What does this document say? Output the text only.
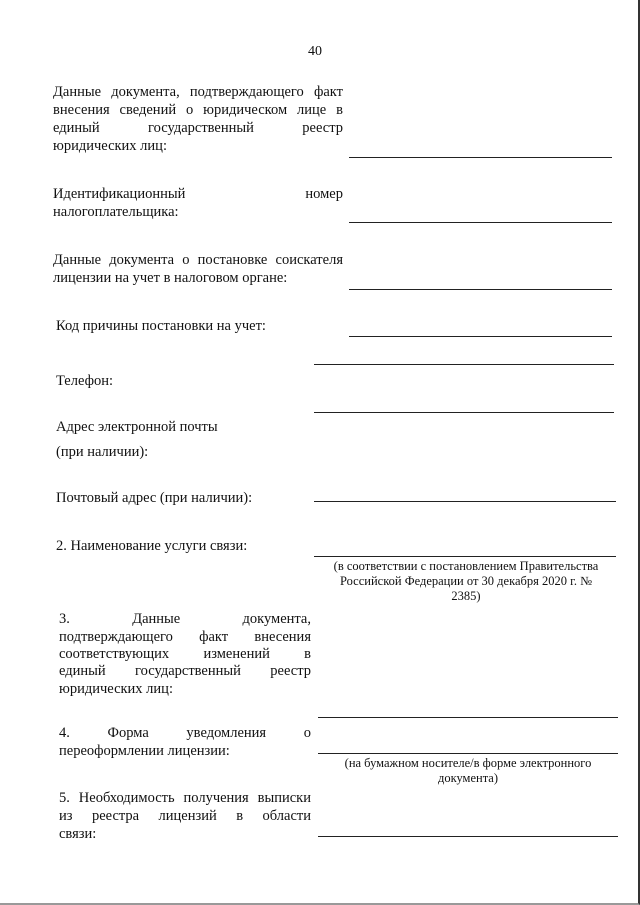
40
Данные документа, подтверждающего факт
внесения сведений о юридическом лице в
единый государственный реестр
юридических лиц:
Идентификационный номер
налогоплательщика:
Данные документа о постановке соискателя
лицензии на учет в налоговом органе:
Код причины постановки на учет:
Телефон:
Адрес электронной почты
(при наличии):
Почтовый адрес (при наличии):
2. Наименование услуги связи:
(в соответствии с постановлением Правительства
Российской Федерации от 30 декабря 2020 г. №
2385)
3. Данные документа,
подтверждающего факт внесения
соответствующих изменений в
единый государственный реестр
юридических лиц:
4. Форма уведомления о
переоформлении лицензии:
(на бумажном носителе/в форме электронного
документа)
5. Необходимость получения выписки
из реестра лицензий в области
связи:
